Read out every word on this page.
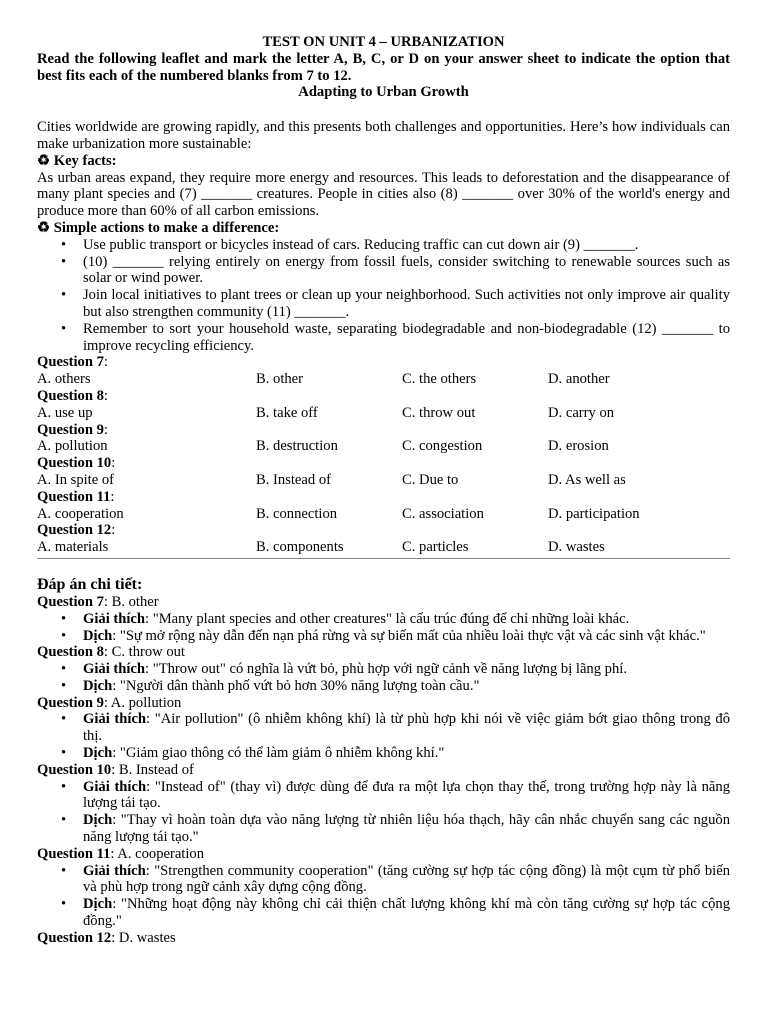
TEST ON UNIT 4 – URBANIZATION

Read the following leaflet and mark the letter A, B, C, or D on your answer sheet to indicate the option that best fits each of the numbered blanks from 7 to 12.

Adapting to Urban Growth

Cities worldwide are growing rapidly, and this presents both challenges and opportunities. Here’s how individuals can make urbanization more sustainable:

♻ Key facts:

As urban areas expand, they require more energy and resources. This leads to deforestation and the disappearance of many plant species and (7) _______ creatures. People in cities also (8) _______ over 30% of the world's energy and produce more than 60% of all carbon emissions.

♻ Simple actions to make a difference:

• Use public transport or bicycles instead of cars. Reducing traffic can cut down air (9) _______.
• (10) _______ relying entirely on energy from fossil fuels, consider switching to renewable sources such as solar or wind power.
• Join local initiatives to plant trees or clean up your neighborhood. Such activities not only improve air quality but also strengthen community (11) _______.
• Remember to sort your household waste, separating biodegradable and non-biodegradable (12) _______ to improve recycling efficiency.

Question 7:

A. others	B. other	C. the others	D. another

Question 8:

A. use up	B. take off	C. throw out	D. carry on

Question 9:

A. pollution	B. destruction	C. congestion	D. erosion

Question 10:

A. In spite of	B. Instead of	C. Due to	D. As well as

Question 11:

A. cooperation	B. connection	C. association	D. participation

Question 12:

A. materials	B. components	C. particles	D. wastes

Đáp án chi tiết:

Question 7: B. other

• Giải thích: "Many plant species and other creatures" là cấu trúc đúng để chỉ những loài khác.
• Dịch: "Sự mở rộng này dẫn đến nạn phá rừng và sự biến mất của nhiều loài thực vật và các sinh vật khác."

Question 8: C. throw out

• Giải thích: "Throw out" có nghĩa là vứt bỏ, phù hợp với ngữ cảnh về năng lượng bị lãng phí.
• Dịch: "Người dân thành phố vứt bỏ hơn 30% năng lượng toàn cầu."

Question 9: A. pollution

• Giải thích: "Air pollution" (ô nhiễm không khí) là từ phù hợp khi nói về việc giảm bớt giao thông trong đô thị.
• Dịch: "Giảm giao thông có thể làm giảm ô nhiễm không khí."

Question 10: B. Instead of

• Giải thích: "Instead of" (thay vì) được dùng để đưa ra một lựa chọn thay thế, trong trường hợp này là năng lượng tái tạo.
• Dịch: "Thay vì hoàn toàn dựa vào năng lượng từ nhiên liệu hóa thạch, hãy cân nhắc chuyển sang các nguồn năng lượng tái tạo."

Question 11: A. cooperation

• Giải thích: "Strengthen community cooperation" (tăng cường sự hợp tác cộng đồng) là một cụm từ phổ biến và phù hợp trong ngữ cảnh xây dựng cộng đồng.
• Dịch: "Những hoạt động này không chỉ cải thiện chất lượng không khí mà còn tăng cường sự hợp tác cộng đồng."

Question 12: D. wastes
